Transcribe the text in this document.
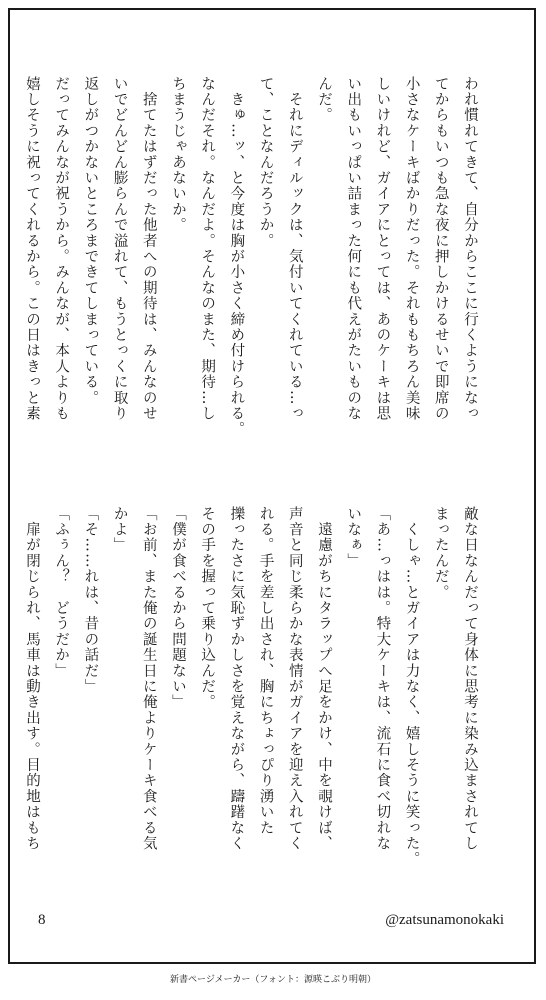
われ慣れてきて、自分からここに行くようになっ
てからもいつも急な夜に押しかけるせいで即席の
小さなケーキばかりだった。それももちろん美味
しいけれど、ガイアにとっては、あのケーキは思
い出もいっぱい詰まった何にも代えがたいものな
んだ。
　それにディルックは、気付いてくれている…っ
て、ことなんだろうか。
　きゅ…ッ、と今度は胸が小さく締め付けられる。
なんだそれ。なんだよ。そんなのまた、期待…し
ちまうじゃあないか。
　捨てたはずだった他者への期待は、みんなのせ
いでどんどん膨らんで溢れて、もうとっくに取り
返しがつかないところまできてしまっている。
だってみんなが祝うから。みんなが、本人よりも
嬉しそうに祝ってくれるから。この日はきっと素
敵な日なんだって身体に思考に染み込まされてし
まったんだ。
　くしゃ…とガイアは力なく、嬉しそうに笑った。
「あ…っはは。特大ケーキは、流石に食べ切れな
いなぁ」
　遠慮がちにタラップへ足をかけ、中を覗けば、
声音と同じ柔らかな表情がガイアを迎え入れてく
れる。手を差し出され、胸にちょっぴり湧いた
擽ったさに気恥ずかしさを覚えながら、躊躇なく
その手を握って乗り込んだ。
「僕が食べるから問題ない」
「お前、また俺の誕生日に俺よりケーキ食べる気
かよ」
「そ……れは、昔の話だ」
「ふぅん？　どうだか」
　扉が閉じられ、馬車は動き出す。目的地はもち
8	@zatsunamonokaki
新書ページメーカー（フォント：源暎こぶり明朝）
